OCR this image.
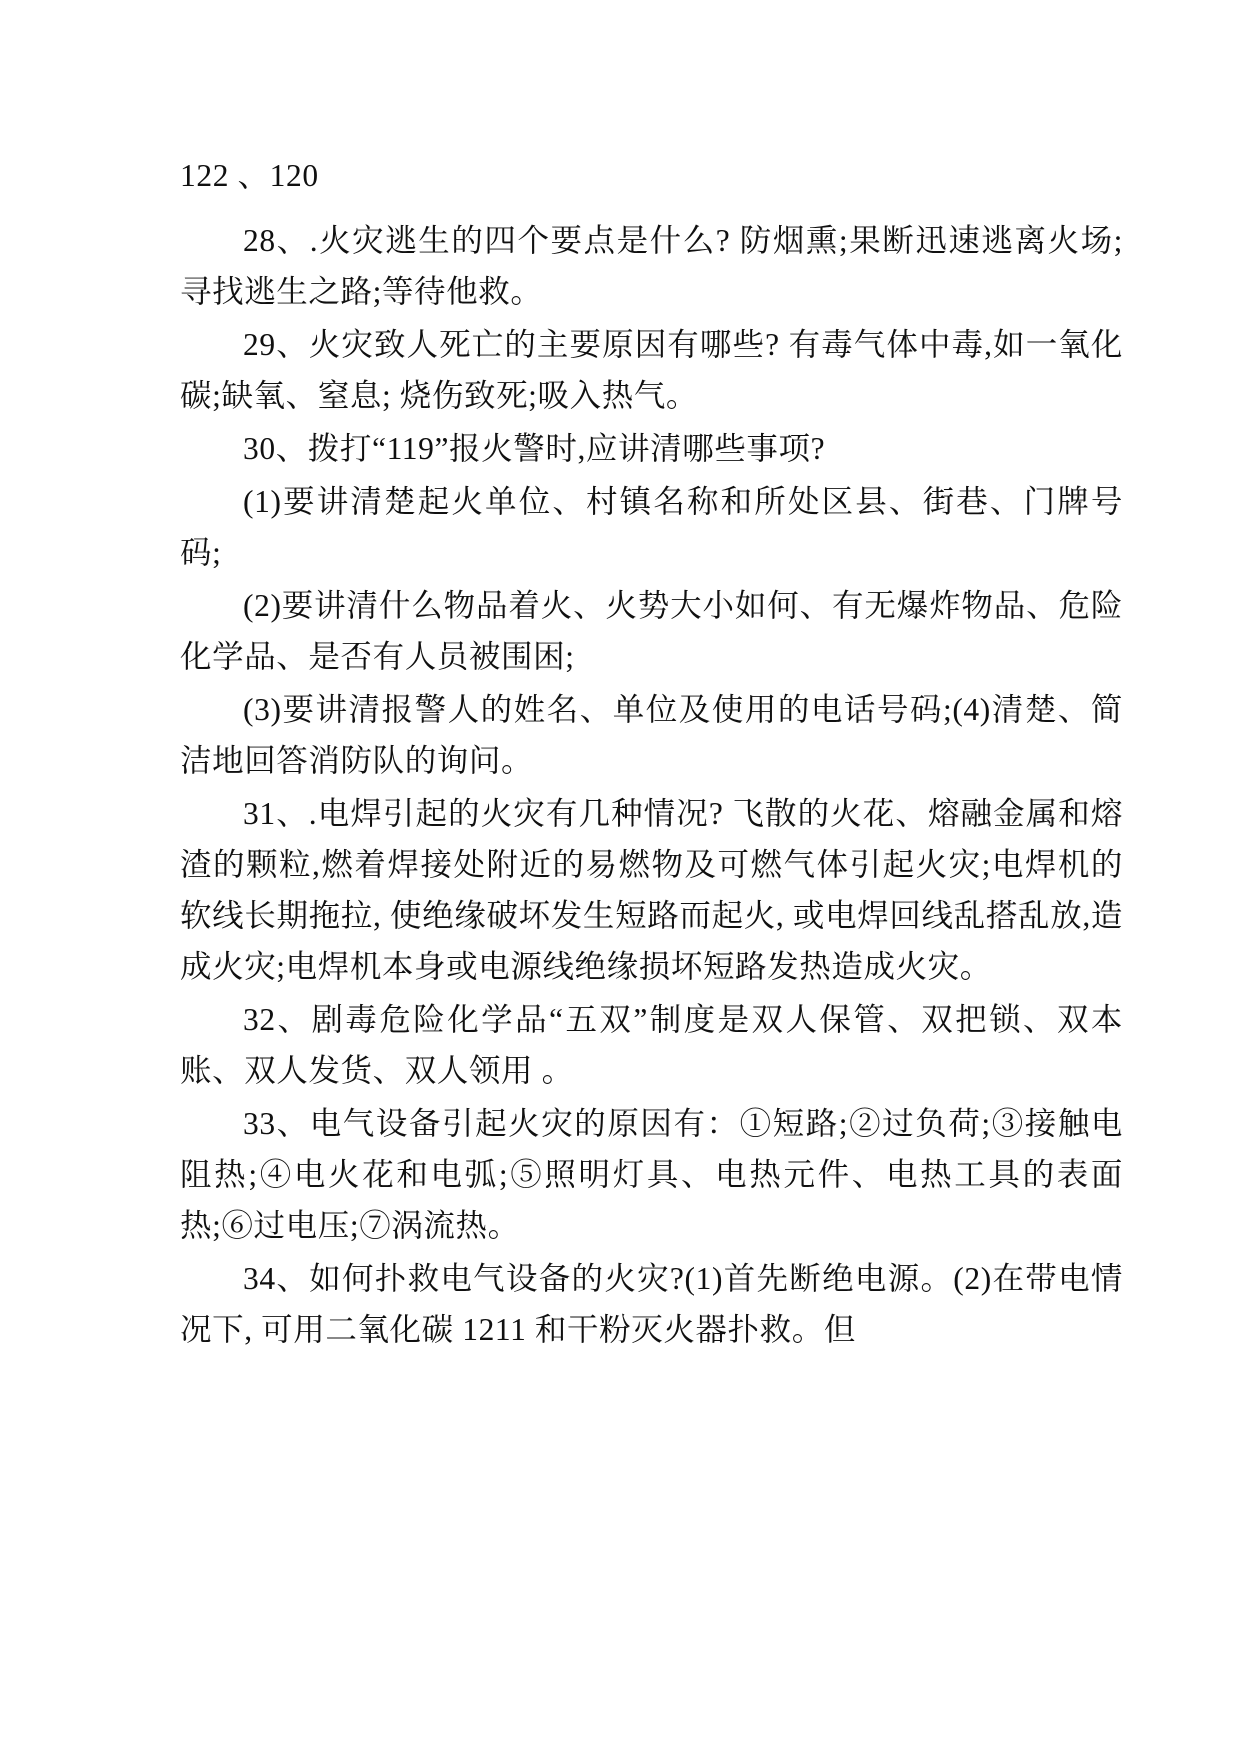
122 、120

28、.火灾逃生的四个要点是什么? 防烟熏;果断迅速逃离火场;寻找逃生之路;等待他救。

29、火灾致人死亡的主要原因有哪些? 有毒气体中毒,如一氧化碳;缺氧、窒息; 烧伤致死;吸入热气。

30、拨打“119”报火警时,应讲清哪些事项?

(1)要讲清楚起火单位、村镇名称和所处区县、街巷、门牌号码;

(2)要讲清什么物品着火、火势大小如何、有无爆炸物品、危险化学品、是否有人员被围困;

(3)要讲清报警人的姓名、单位及使用的电话号码;(4)清楚、简洁地回答消防队的询问。

31、.电焊引起的火灾有几种情况? 飞散的火花、熔融金属和熔渣的颗粒,燃着焊接处附近的易燃物及可燃气体引起火灾;电焊机的软线长期拖拉, 使绝缘破坏发生短路而起火, 或电焊回线乱搭乱放,造成火灾;电焊机本身或电源线绝缘损坏短路发热造成火灾。

32、剧毒危险化学品“五双”制度是双人保管、双把锁、双本账、双人发货、双人领用 。

33、电气设备引起火灾的原因有：①短路;②过负荷;③接触电阻热;④电火花和电弧;⑤照明灯具、电热元件、电热工具的表面热;⑥过电压;⑦涡流热。

34、如何扑救电气设备的火灾?(1)首先断绝电源。(2)在带电情况下, 可用二氧化碳 1211 和干粉灭火器扑救。但
